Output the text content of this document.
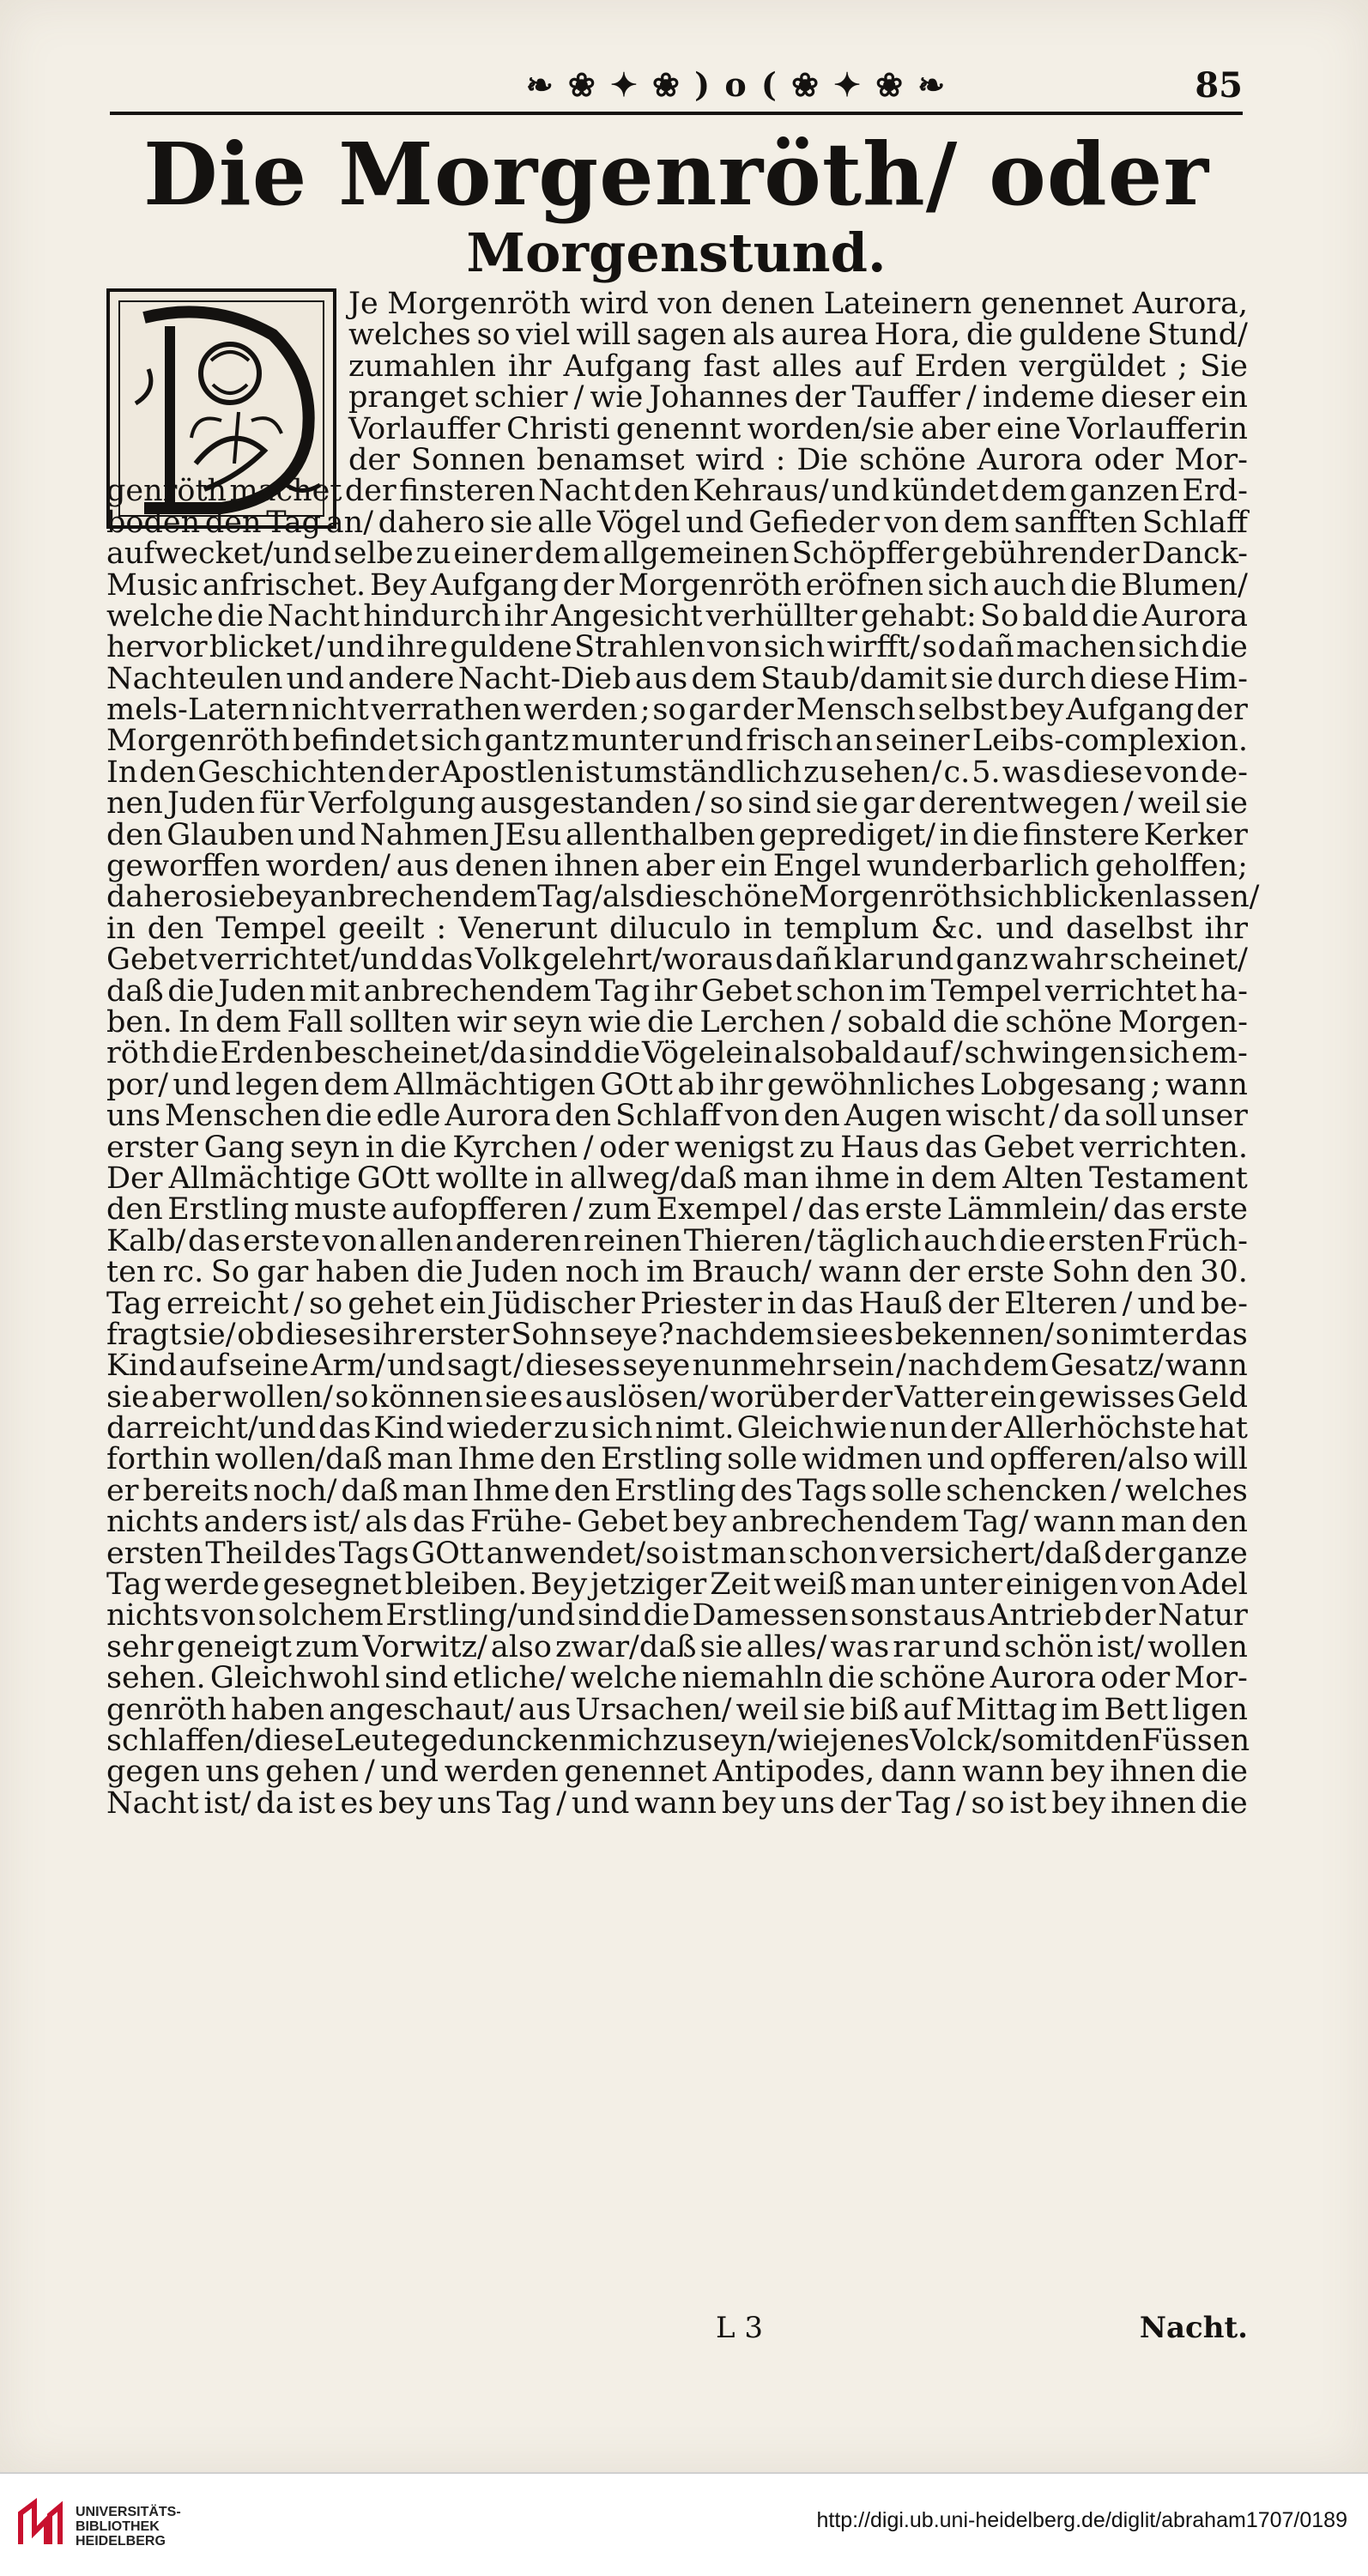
❧ ❀ ✦ ❀ ) o ( ❀ ✦ ❀ ❧	85
Die Morgenröth/ oder
Morgenstund.
Je Morgenröth wird von denen Lateinern genennet Aurora,
welches so viel will sagen als aurea Hora, die guldene Stund/
zumahlen ihr Aufgang fast alles auf Erden vergüldet ; Sie
pranget schier / wie Johannes der Tauffer / indeme dieser ein
Vorlauffer Christi genennt worden/sie aber eine Vorlaufferin
der Sonnen benamset wird : Die schöne Aurora oder Mor-
genröth machet der finsteren Nacht den Kehraus/ und kündet dem ganzen Erd-
boden den Tag an/ dahero sie alle Vögel und Gefieder von dem sanfften Schlaff
aufwecket/und selbe zu einer dem allgemeinen Schöpffer gebührender Danck-
Music anfrischet. Bey Aufgang der Morgenröth eröfnen sich auch die Blumen/
welche die Nacht hindurch ihr Angesicht verhüllter gehabt: So bald die Aurora
hervor blicket / und ihre guldene Strahlen von sich wirfft/ so dañ machen sich die
Nachteulen und andere Nacht-Dieb aus dem Staub/damit sie durch diese Him-
mels-Latern nicht verrathen werden ; so gar der Mensch selbst bey Aufgang der
Morgenröth befindet sich gantz munter und frisch an seiner Leibs-complexion.
In den Geschichten der Apostlen ist umständlich zu sehen / c. 5. was diese von de-
nen Juden für Verfolgung ausgestanden / so sind sie gar derentwegen / weil sie
den Glauben und Nahmen JEsu allenthalben geprediget/ in die finstere Kerker
geworffen worden/ aus denen ihnen aber ein Engel wunderbarlich geholffen;
dahero sie bey anbrechendem Tag/als die schöne Morgenröth sich blicken lassen/
in den Tempel geeilt : Venerunt diluculo in templum &c. und daselbst ihr
Gebet verrichtet/und das Volk gelehrt/woraus dañ klar und ganz wahr scheinet/
daß die Juden mit anbrechendem Tag ihr Gebet schon im Tempel verrichtet ha-
ben. In dem Fall sollten wir seyn wie die Lerchen / sobald die schöne Morgen-
röth die Erden bescheinet/da sind die Vögelein alsobald auf / schwingen sich em-
por/ und legen dem Allmächtigen GOtt ab ihr gewöhnliches Lobgesang ; wann
uns Menschen die edle Aurora den Schlaff von den Augen wischt / da soll unser
erster Gang seyn in die Kyrchen / oder wenigst zu Haus das Gebet verrichten.
Der Allmächtige GOtt wollte in allweg/daß man ihme in dem Alten Testament
den Erstling muste aufopfferen / zum Exempel / das erste Lämmlein/ das erste
Kalb/ das erste von allen anderen reinen Thieren / täglich auch die ersten Früch-
ten rc. So gar haben die Juden noch im Brauch/ wann der erste Sohn den 30.
Tag erreicht / so gehet ein Jüdischer Priester in das Hauß der Elteren / und be-
fragt sie/ ob dieses ihr erster Sohn seye? nachdem sie es bekennen/ so nimt er das
Kind auf seine Arm/ und sagt / dieses seye nunmehr sein / nach dem Gesatz/ wann
sie aber wollen/ so können sie es auslösen/ worüber der Vatter ein gewisses Geld
darreicht/und das Kind wieder zu sich nimt. Gleichwie nun der Allerhöchste hat
forthin wollen/daß man Ihme den Erstling solle widmen und opfferen/also will
er bereits noch/ daß man Ihme den Erstling des Tags solle schencken / welches
nichts anders ist/ als das Frühe- Gebet bey anbrechendem Tag/ wann man den
ersten Theil des Tags GOtt anwendet/so ist man schon versichert/daß der ganze
Tag werde gesegnet bleiben. Bey jetziger Zeit weiß man unter einigen von Adel
nichts von solchem Erstling/und sind die Damessen sonst aus Antrieb der Natur
sehr geneigt zum Vorwitz/ also zwar/daß sie alles/ was rar und schön ist/ wollen
sehen. Gleichwohl sind etliche/ welche niemahln die schöne Aurora oder Mor-
genröth haben angeschaut/ aus Ursachen/ weil sie biß auf Mittag im Bett ligen
schlaffen / diese Leute geduncken mich zu seyn/ wie jenes Volck / so mit den Füssen
gegen uns gehen / und werden genennet Antipodes, dann wann bey ihnen die
Nacht ist/ da ist es bey uns Tag / und wann bey uns der Tag / so ist bey ihnen die
L 3	Nacht.
UNIVERSITÄTS-
BIBLIOTHEK
HEIDELBERG
http://digi.ub.uni-heidelberg.de/diglit/abraham1707/0189
